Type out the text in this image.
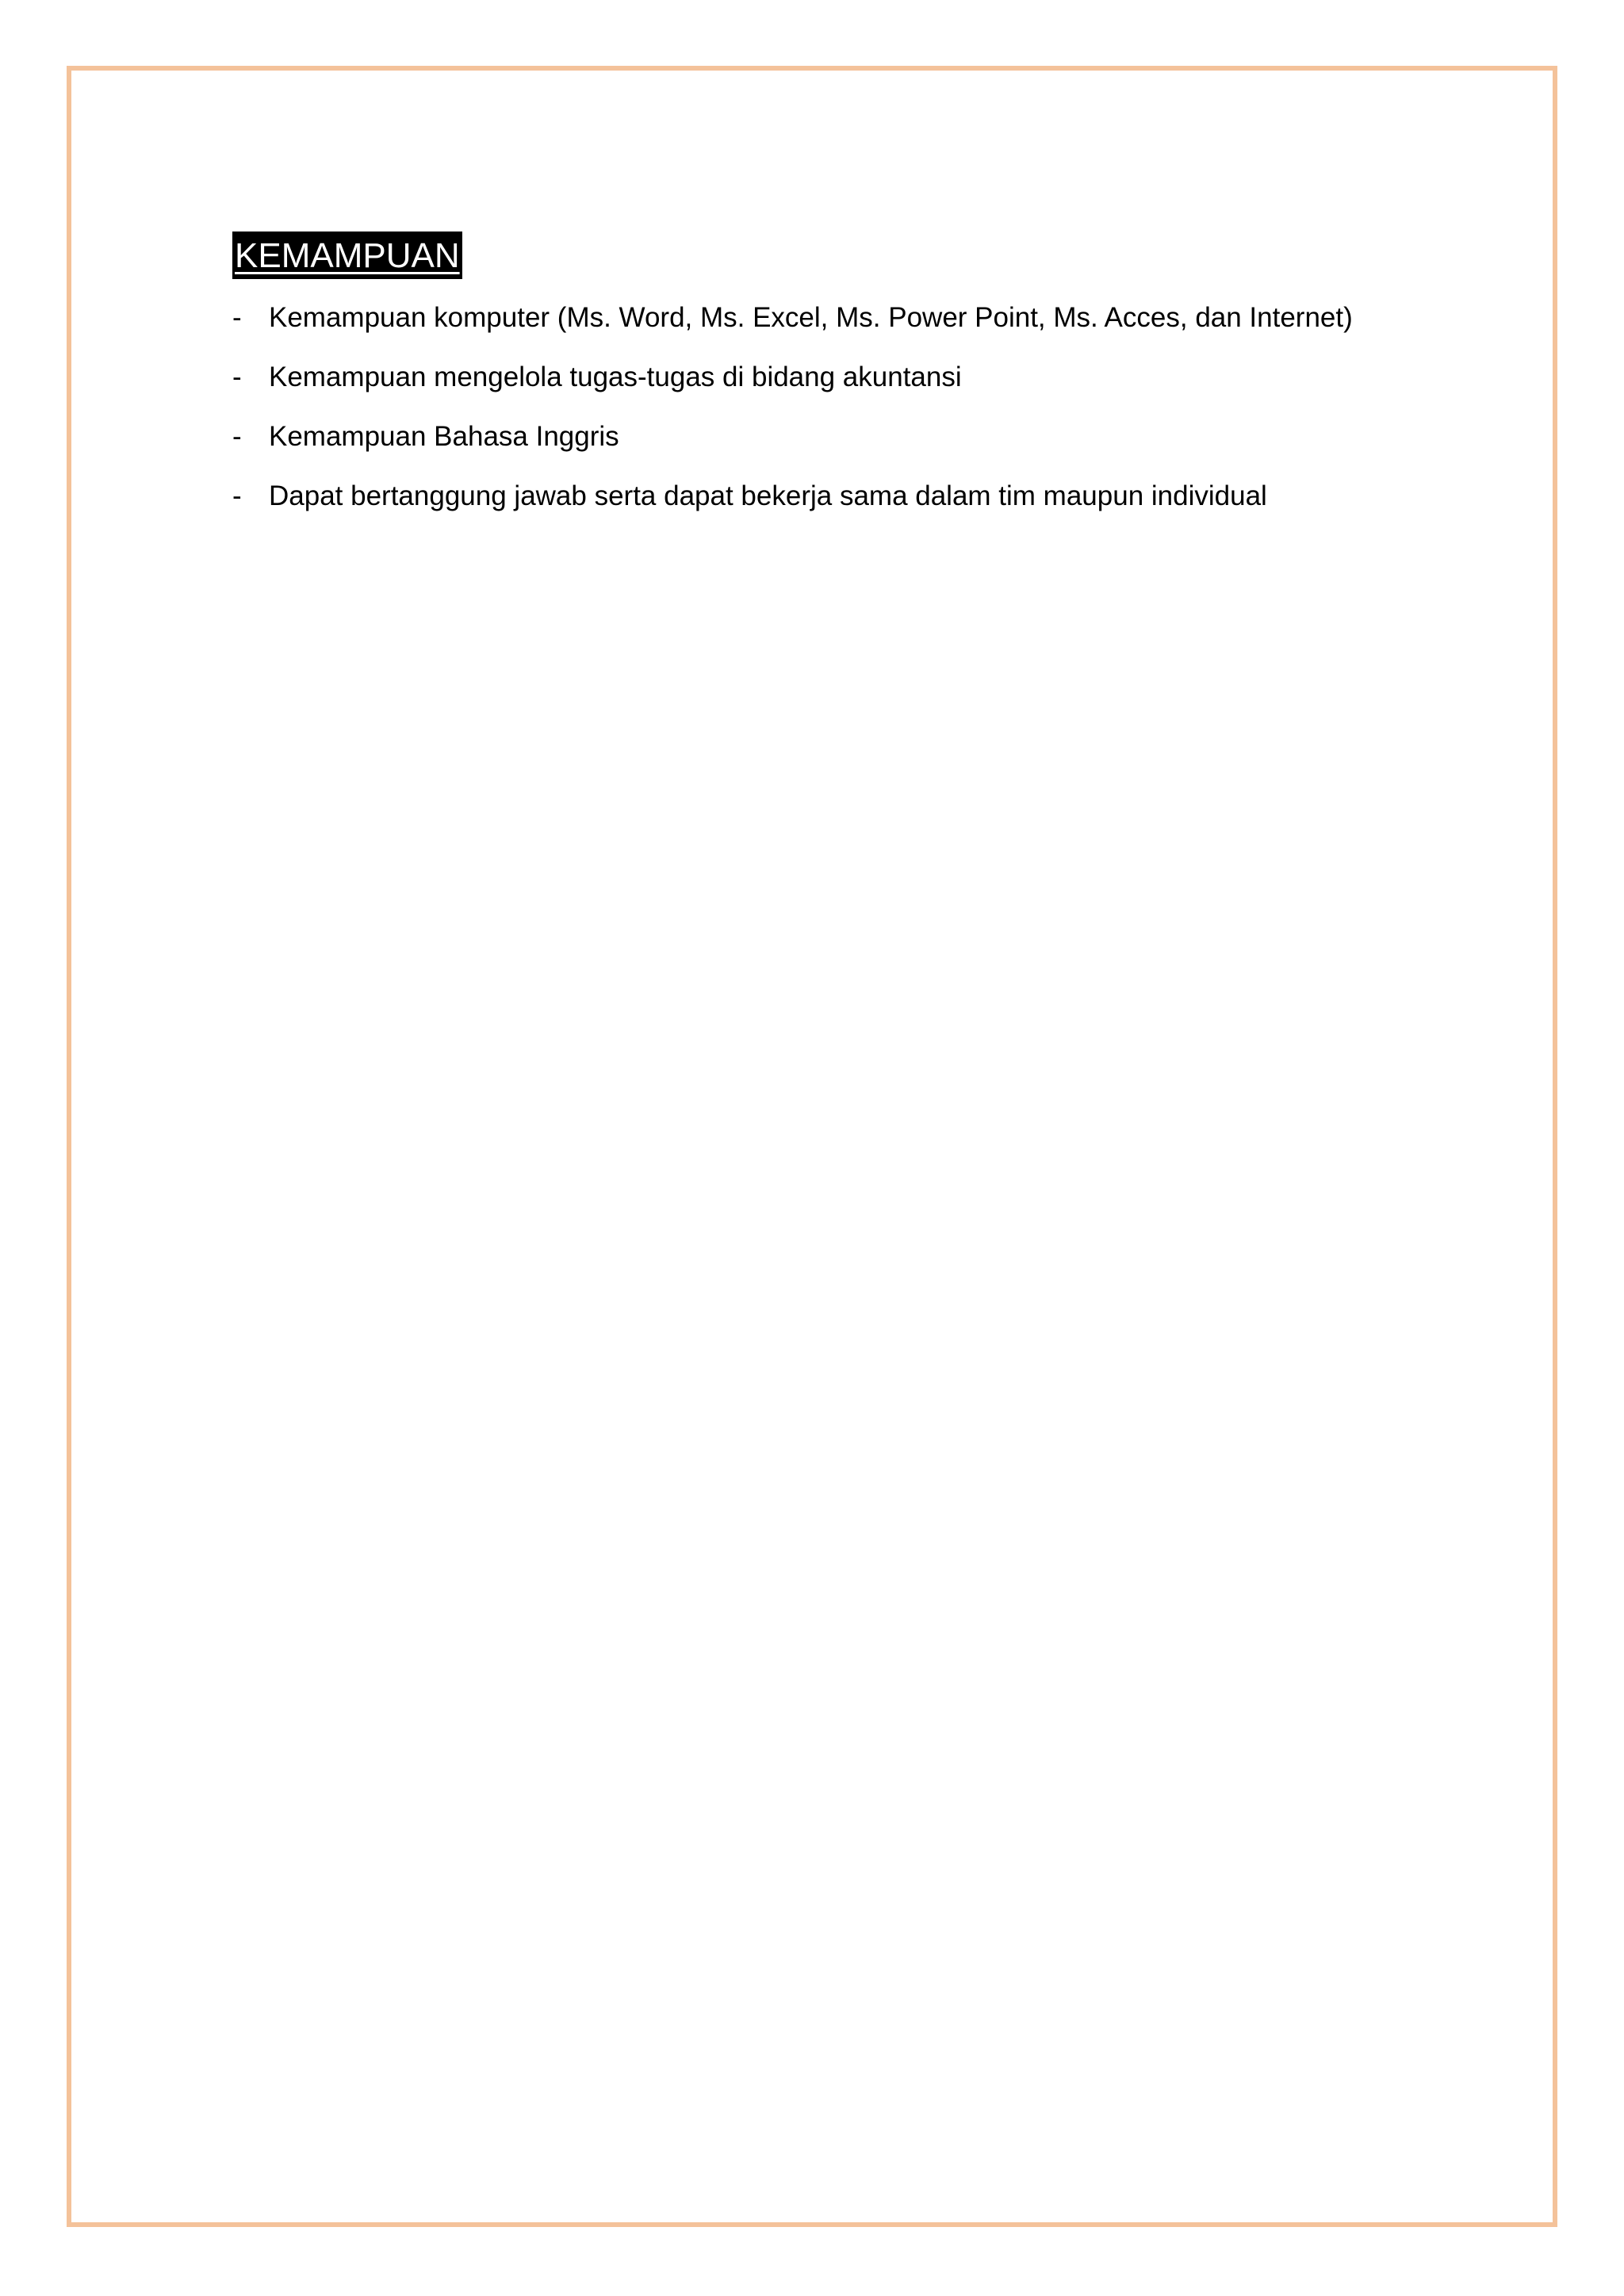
KEMAMPUAN
- Kemampuan komputer (Ms. Word, Ms. Excel, Ms. Power Point, Ms. Acces, dan Internet)
- Kemampuan mengelola tugas-tugas di bidang akuntansi
- Kemampuan Bahasa Inggris
- Dapat bertanggung jawab serta dapat bekerja sama dalam tim maupun individual
